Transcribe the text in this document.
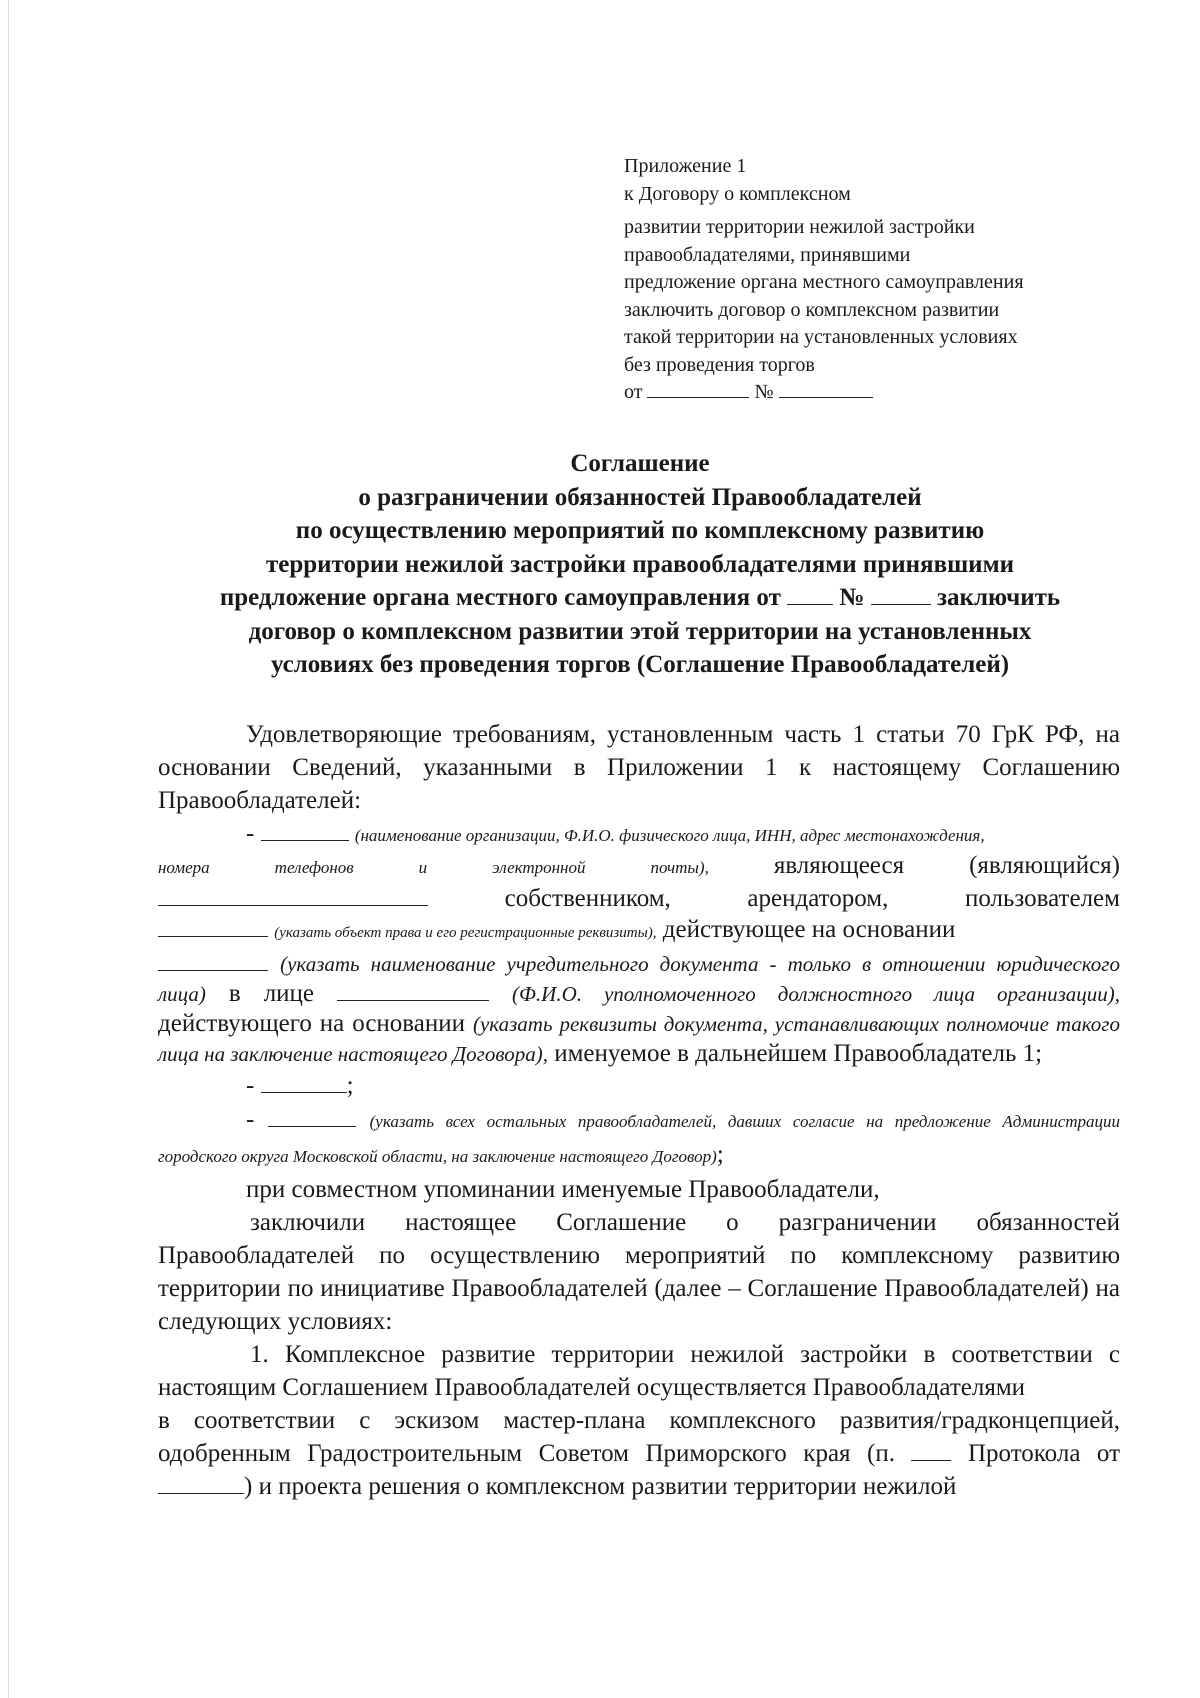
Приложение 1
к Договору о комплексном
развитии территории нежилой застройки
правообладателями, принявшими
предложение органа местного самоуправления
заключить договор о комплексном развитии
такой территории на установленных условиях
без проведения торгов
от	№
Соглашение
о разграничении обязанностей Правообладателей
по осуществлению мероприятий по комплексному развитию
территории нежилой застройки правообладателями принявшими
предложение органа местного самоуправления от №	заключить
договор о комплексном развитии этой территории на установленных
условиях без проведения торгов (Соглашение Правообладателей)
Удовлетворяющие требованиям, установленным часть 1 статьи 70 ГрК РФ, на основании Сведений, указанными в Приложении 1 к настоящему Соглашению Правообладателей:
-	(наименование организации, Ф.И.О. физического лица, ИНН, адрес местонахождения,
номера	телефонов	и	электронной	почты),	являющееся	(являющийся)
собственником,	арендатором,	пользователем
(указать объект права и его регистрационные реквизиты), действующее на основании
(указать наименование учредительного документа - только в отношении юридического лица) в лице	(Ф.И.О. уполномоченного должностного лица организации), действующего на основании (указать реквизиты документа, устанавливающих полномочие такого лица на заключение настоящего Договора), именуемое в дальнейшем Правообладатель 1;
-	;
-	(указать всех остальных правообладателей, давших согласие на предложение Администрации городского округа Московской области, на заключение настоящего Договор);
при совместном упоминании именуемые Правообладатели,
заключили настоящее Соглашение о разграничении обязанностей Правообладателей по осуществлению мероприятий по комплексному развитию территории по инициативе Правообладателей (далее – Соглашение Правообладателей) на следующих условиях:
1. Комплексное развитие территории нежилой застройки в соответствии с настоящим Соглашением Правообладателей осуществляется Правообладателями
в соответствии с эскизом мастер-плана комплексного развития/градконцепцией, одобренным Градостроительным Советом Приморского края (п.	Протокола от ) и проекта решения о комплексном развитии территории нежилой
